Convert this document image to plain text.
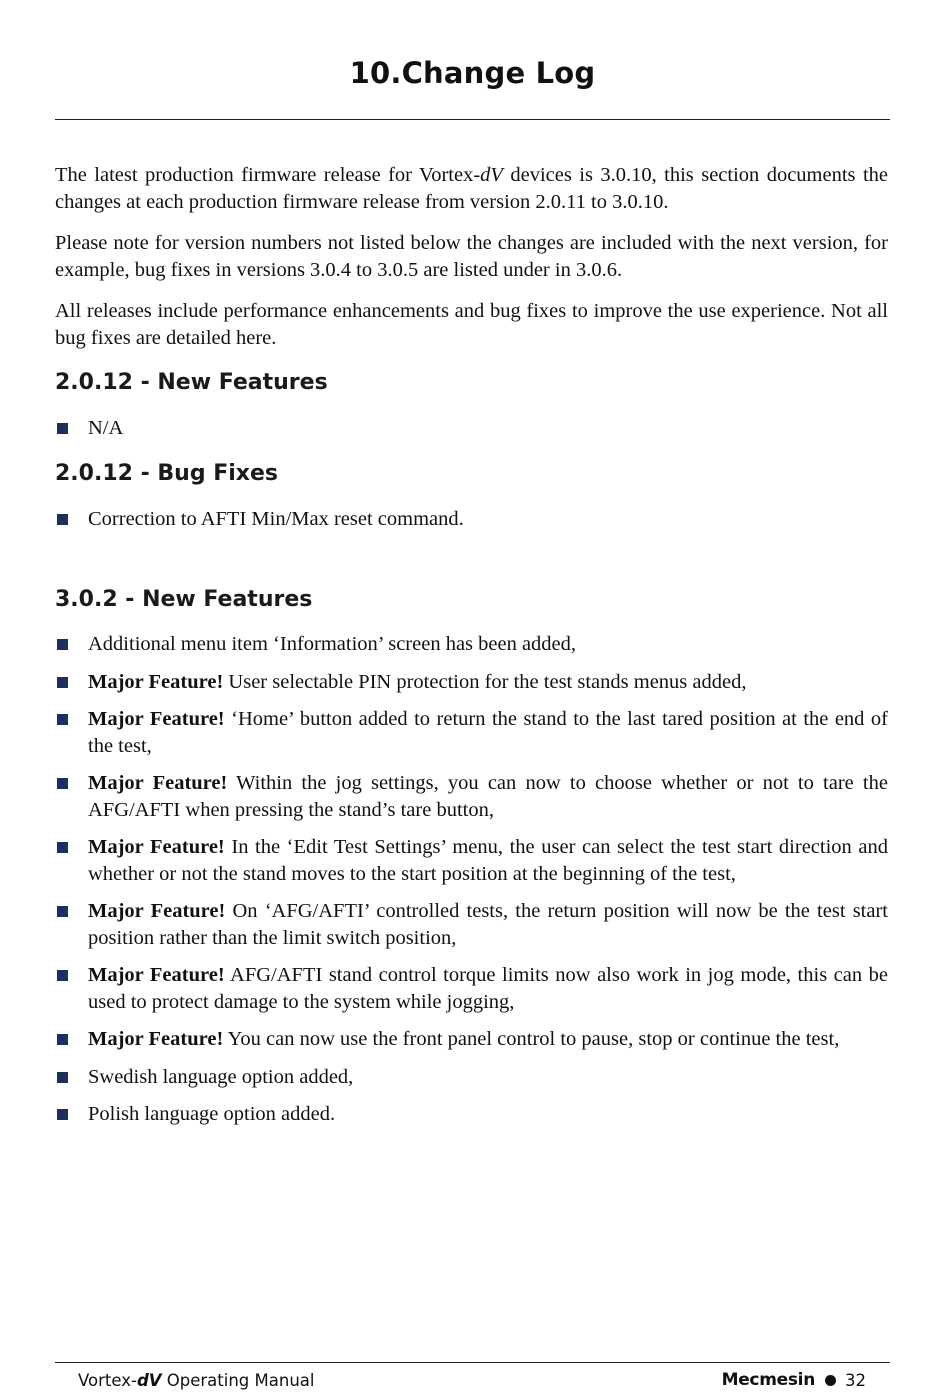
10.Change Log

The latest production firmware release for Vortex-dV devices is 3.0.10, this section documents the changes at each production firmware release from version 2.0.11 to 3.0.10.

Please note for version numbers not listed below the changes are included with the next version, for example, bug fixes in versions 3.0.4 to 3.0.5 are listed under in 3.0.6.

All releases include performance enhancements and bug fixes to improve the use experience. Not all bug fixes are detailed here.

2.0.12 - New Features
N/A
2.0.12 - Bug Fixes
Correction to AFTI Min/Max reset command.
3.0.2 - New Features
Additional menu item ‘Information’ screen has been added,
Major Feature! User selectable PIN protection for the test stands menus added,
Major Feature! ‘Home’ button added to return the stand to the last tared position at the end of the test,
Major Feature! Within the jog settings, you can now to choose whether or not to tare the AFG/AFTI when pressing the stand’s tare button,
Major Feature! In the ‘Edit Test Settings’ menu, the user can select the test start direction and whether or not the stand moves to the start position at the beginning of the test,
Major Feature! On ‘AFG/AFTI’ controlled tests, the return position will now be the test start position rather than the limit switch position,
Major Feature! AFG/AFTI stand control torque limits now also work in jog mode, this can be used to protect damage to the system while jogging,
Major Feature! You can now use the front panel control to pause, stop or continue the test,
Swedish language option added,
Polish language option added.
Vortex-dV Operating Manual	Mecmesin 32
